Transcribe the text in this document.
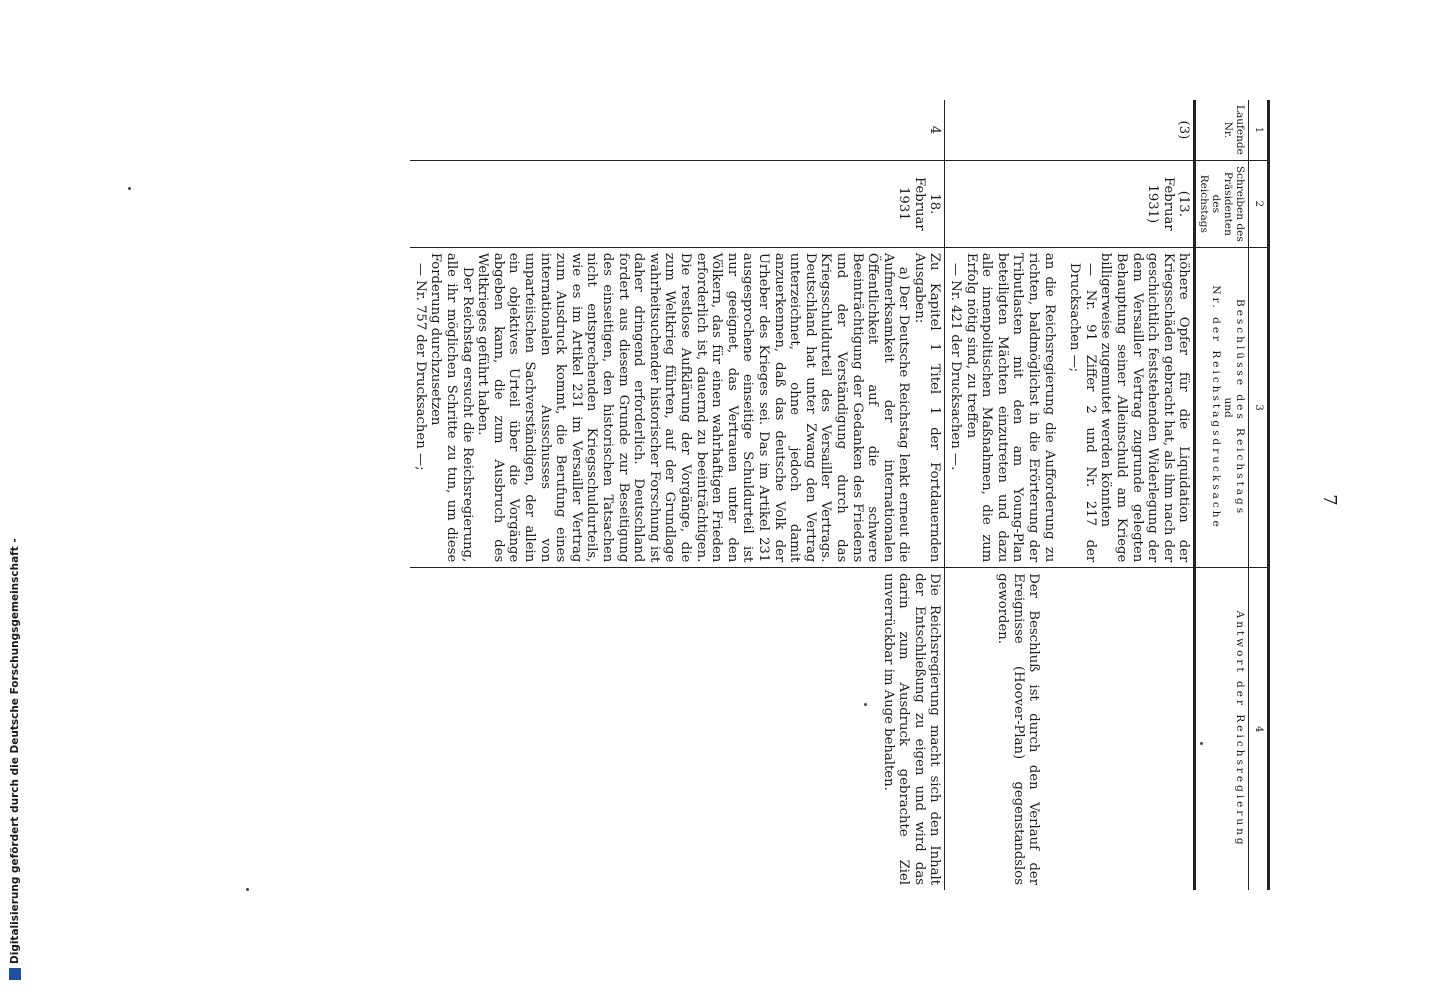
7
1	2	3	4
Laufende Nr.	Schreiben des Präsidenten des Reichstags	Beschlüsse des Reichstags
und
Nr. der Reichstagsdrucksache	Antwort der Reichsregierung

(3)	(13. Februar 1931)	höhere Opfer für die Liquidation der Kriegsschäden gebracht hat, als ihm nach der geschichtlich feststehenden Widerlegung der dem Versailler Vertrag zugrunde gelegten Behauptung seiner Alleinschuld am Kriege billigerweise zugemutet werden könnten
— Nr. 91 Ziffer 2 und Nr. 217 der Drucksachen —;
an die Reichsregierung die Aufforderung zu richten, baldmöglichst in die Erörterung der Tributlasten mit den am Young-Plan beteiligten Mächten einzutreten und dazu alle innenpolitischen Maßnahmen, die zum Erfolg nötig sind, zu treffen
— Nr. 421 der Drucksachen —.	Der Beschluß ist durch den Verlauf der Ereignisse (Hoover-Plan) gegenstandslos geworden.

4	18. Februar 1931	Zu Kapitel 1 Titel 1 der Fortdauernden Ausgaben:
a) Der Deutsche Reichstag lenkt erneut die Aufmerksamkeit der internationalen Öffentlichkeit auf die schwere Beeinträchtigung der Gedanken des Friedens und der Verständigung durch das Kriegsschuldurteil des Versailler Vertrags. Deutschland hat unter Zwang den Vertrag unterzeichnet, ohne jedoch damit anzuerkennen, daß das deutsche Volk der Urheber des Krieges sei. Das im Artikel 231 ausgesprochene einseitige Schuldurteil ist nur geeignet, das Vertrauen unter den Völkern, das für einen wahrhaftigen Frieden erforderlich ist, dauernd zu beeinträchtigen. Die restlose Aufklärung der Vorgänge, die zum Weltkrieg führten, auf der Grundlage wahrheitsuchender historischer Forschung ist daher dringend erforderlich. Deutschland fordert aus diesem Grunde zur Beseitigung des einseitigen, den historischen Tatsachen nicht entsprechenden Kriegsschuldurteils, wie es im Artikel 231 im Versailler Vertrag zum Ausdruck kommt, die Berufung eines internationalen Ausschusses von unparteiischen Sachverständigen, der allein ein objektives Urteil über die Vorgänge abgeben kann, die zum Ausbruch des Weltkrieges geführt haben.
Der Reichstag ersucht die Reichsregierung, alle ihr möglichen Schritte zu tun, um diese Forderung durchzusetzen
— Nr. 757 der Drucksachen —;	Die Reichsregierung macht sich den Inhalt der Entschließung zu eigen und wird das darin zum Ausdruck gebrachte Ziel unverrückbar im Auge behalten.
Digitalisierung gefördert durch die Deutsche Forschungsgemeinschaft -
